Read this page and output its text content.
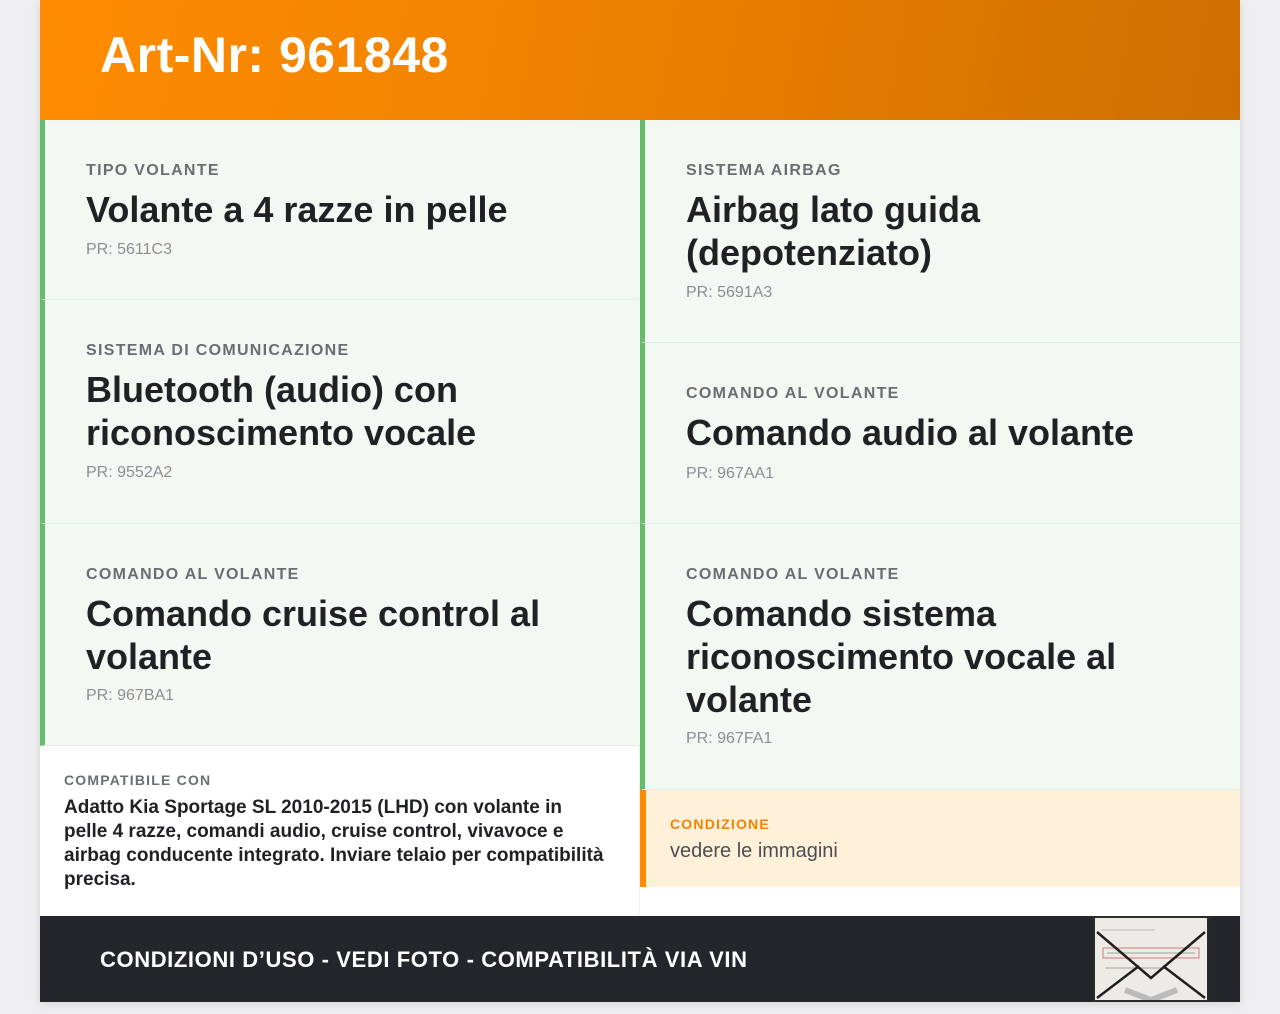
Art-Nr: 961848
TIPO VOLANTE
Volante a 4 razze in pelle
PR: 5611C3
SISTEMA DI COMUNICAZIONE
Bluetooth (audio) con riconoscimento vocale
PR: 9552A2
COMANDO AL VOLANTE
Comando cruise control al volante
PR: 967BA1
SISTEMA AIRBAG
Airbag lato guida (depotenziato)
PR: 5691A3
COMANDO AL VOLANTE
Comando audio al volante
PR: 967AA1
COMANDO AL VOLANTE
Comando sistema riconoscimento vocale al volante
PR: 967FA1
COMPATIBILE CON
Adatto Kia Sportage SL 2010-2015 (LHD) con volante in pelle 4 razze, comandi audio, cruise control, vivavoce e airbag conducente integrato. Inviare telaio per compatibilità precisa.
CONDIZIONE
vedere le immagini
CONDIZIONI D’USO - VEDI FOTO - COMPATIBILITÀ VIA VIN
